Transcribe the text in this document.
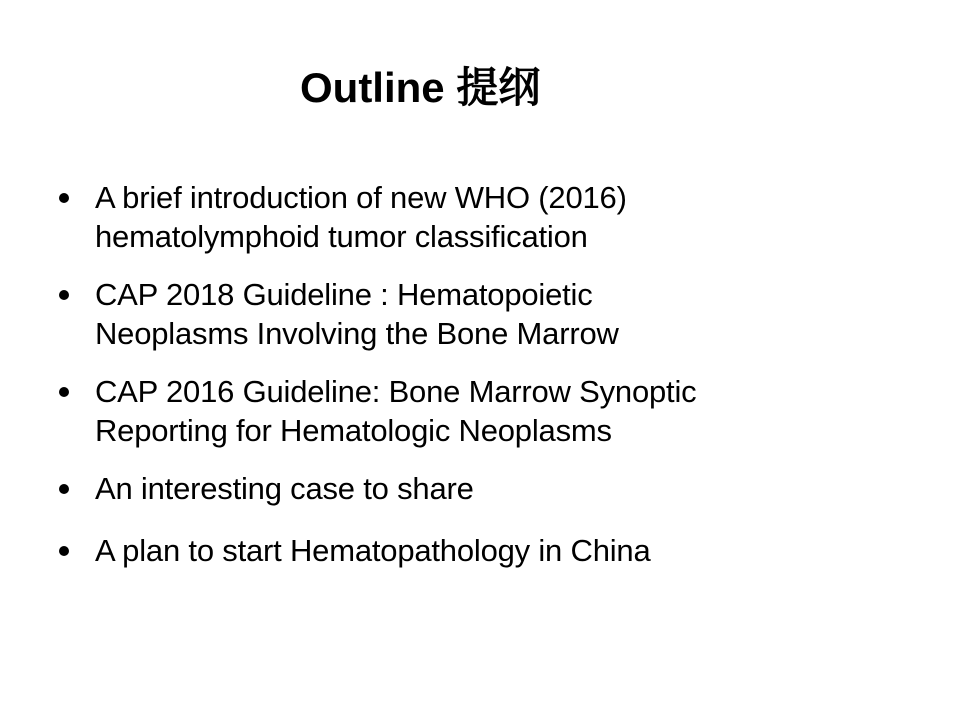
Outline 提纲
A brief introduction of new WHO (2016)
hematolymphoid tumor classification
CAP 2018 Guideline : Hematopoietic
Neoplasms Involving the Bone Marrow
CAP 2016 Guideline: Bone Marrow Synoptic
Reporting for Hematologic Neoplasms
An interesting case to share
A plan to start Hematopathology in China
